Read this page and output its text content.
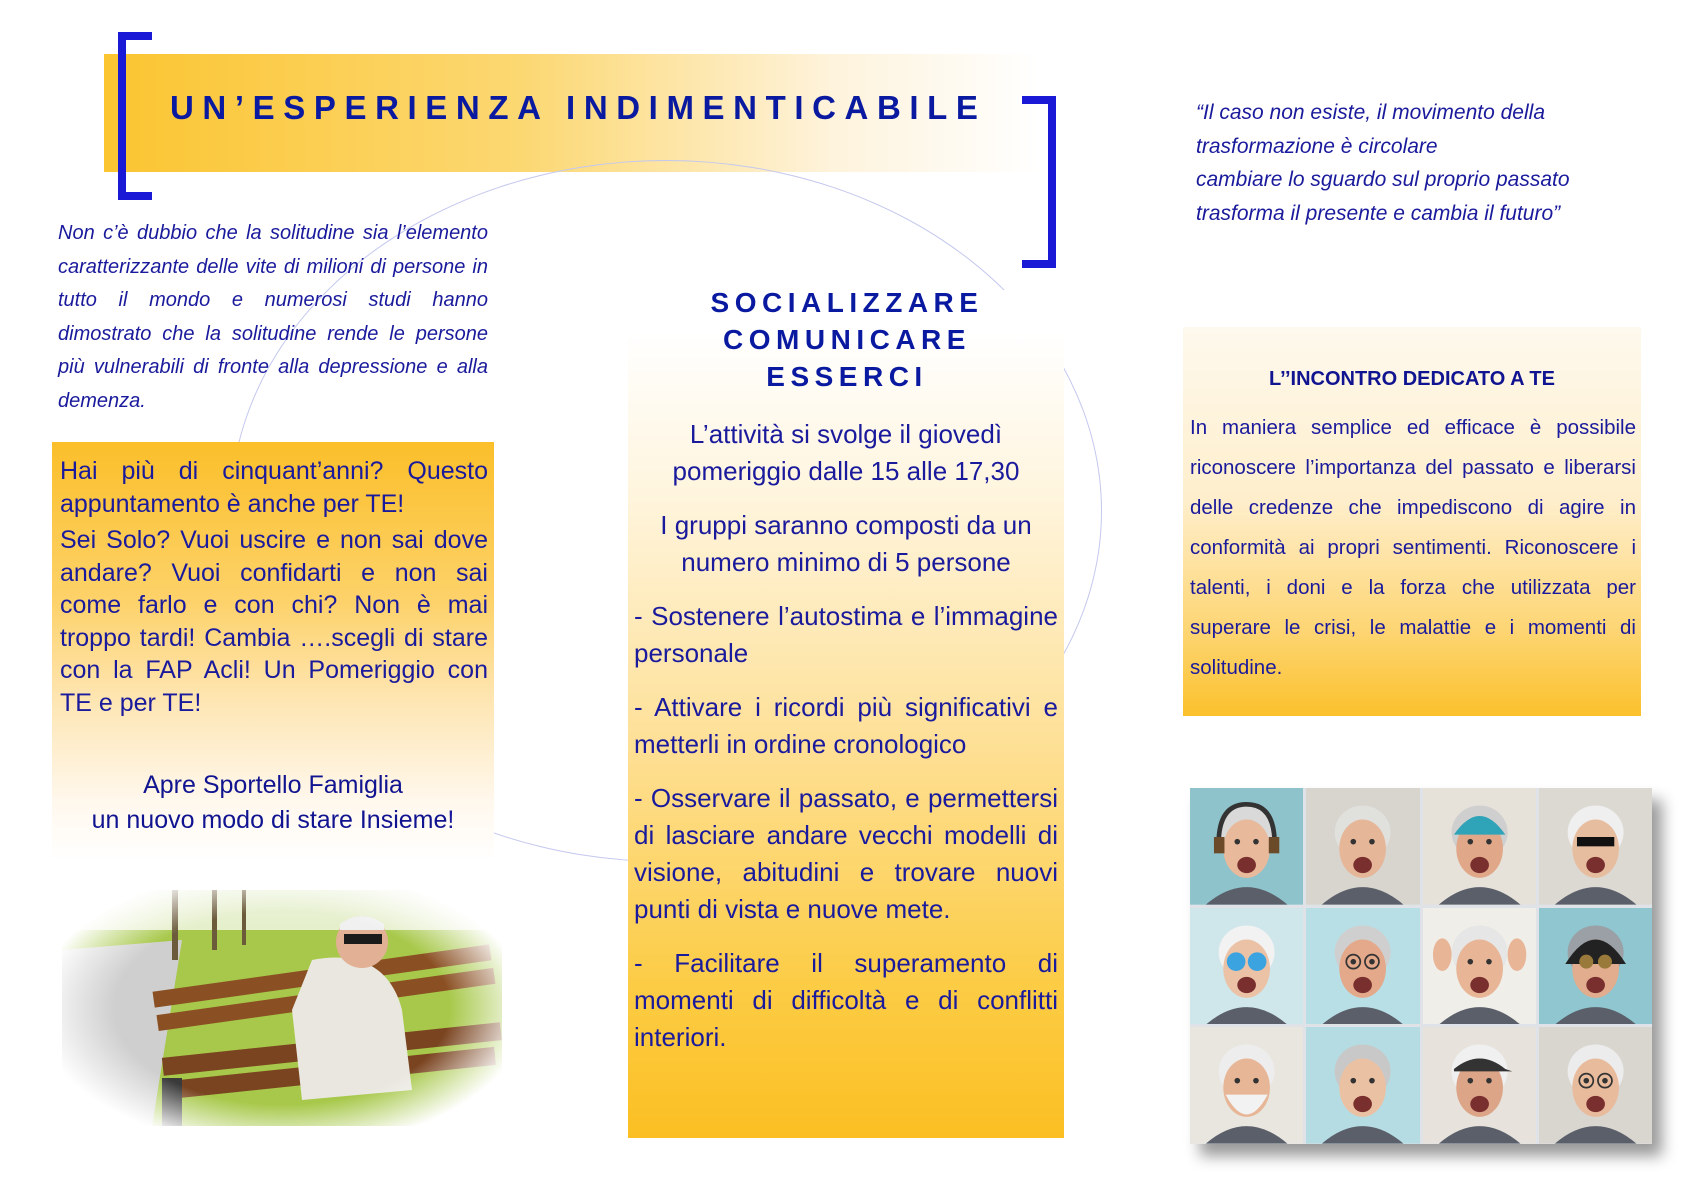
UN’ESPERIENZA INDIMENTICABILE	“Il caso non esiste, il movimento della
trasformazione è circolare
cambiare lo sguardo sul proprio passato
trasforma il presente e cambia il futuro”
Non c’è dubbio che la solitudine sia l’elemento caratterizzante delle vite di milioni di persone in tutto il mondo e numerosi studi hanno dimostrato che la solitudine rende le persone più vulnerabili di fronte alla depressione e alla demenza.

Hai più di cinquant’anni? Questo appuntamento è anche per TE!

Sei Solo? Vuoi uscire e non sai dove andare? Vuoi confidarti e non sai come farlo e con chi? Non è mai troppo tardi! Cambia ….scegli di stare con la FAP Acli! Un Pomeriggio con TE e per TE!

Apre Sportello Famiglia
un nuovo modo di stare Insieme!
SOCIALIZZARE
COMUNICARE
ESSERCI

L’attività si svolge il giovedì pomeriggio dalle 15 alle 17,30

I gruppi saranno composti da un numero minimo di 5 persone

- Sostenere l’autostima e l’immagine personale

- Attivare i ricordi più significativi e metterli in ordine cronologico

- Osservare il passato, e permettersi di lasciare andare vecchi modelli di visione, abitudini e trovare nuovi punti di vista e nuove mete.

- Facilitare il superamento di momenti di difficoltà e di conflitti interiori.

L’’INCONTRO DEDICATO A TE
In maniera semplice ed efficace è possibile riconoscere l’importanza del passato e liberarsi delle credenze che impediscono di agire in conformità ai propri sentimenti. Riconoscere i talenti, i doni e la forza che utilizzata per superare le crisi, le malattie e i momenti di solitudine.
